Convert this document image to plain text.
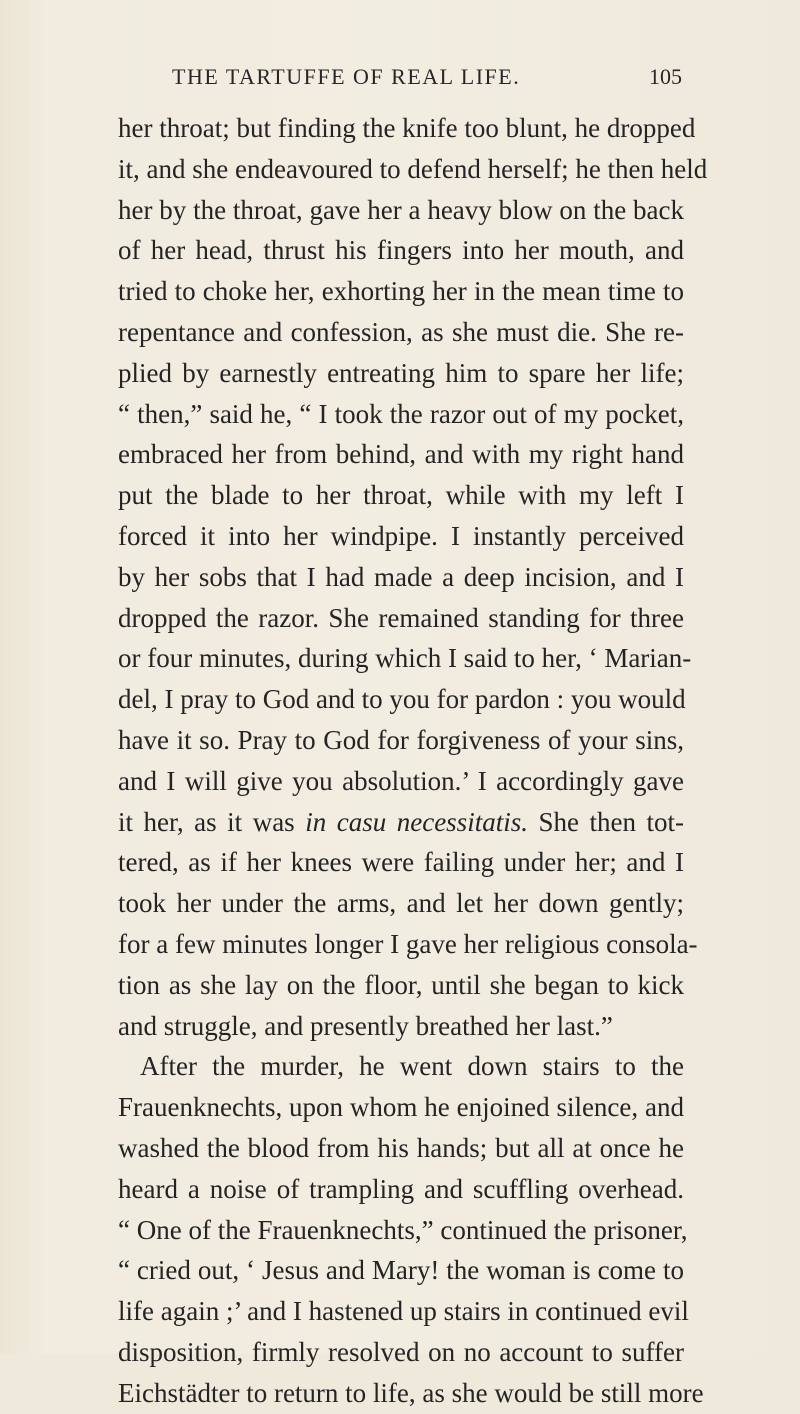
THE TARTUFFE OF REAL LIFE.	105
her throat; but finding the knife too blunt, he dropped
it, and she endeavoured to defend herself; he then held
her by the throat, gave her a heavy blow on the back
of her head, thrust his fingers into her mouth, and
tried to choke her, exhorting her in the mean time to
repentance and confession, as she must die. She re-
plied by earnestly entreating him to spare her life;
“ then,” said he, “ I took the razor out of my pocket,
embraced her from behind, and with my right hand
put the blade to her throat, while with my left I
forced it into her windpipe. I instantly perceived
by her sobs that I had made a deep incision, and I
dropped the razor. She remained standing for three
or four minutes, during which I said to her, ‘ Marian-
del, I pray to God and to you for pardon : you would
have it so. Pray to God for forgiveness of your sins,
and I will give you absolution.’ I accordingly gave
it her, as it was in casu necessitatis. She then tot-
tered, as if her knees were failing under her; and I
took her under the arms, and let her down gently;
for a few minutes longer I gave her religious consola-
tion as she lay on the floor, until she began to kick
and struggle, and presently breathed her last.”
After the murder, he went down stairs to the
Frauenknechts, upon whom he enjoined silence, and
washed the blood from his hands; but all at once he
heard a noise of trampling and scuffling overhead.
“ One of the Frauenknechts,” continued the prisoner,
“ cried out, ‘ Jesus and Mary! the woman is come to
life again ;’ and I hastened up stairs in continued evil
disposition, firmly resolved on no account to suffer
Eichstädter to return to life, as she would be still more
